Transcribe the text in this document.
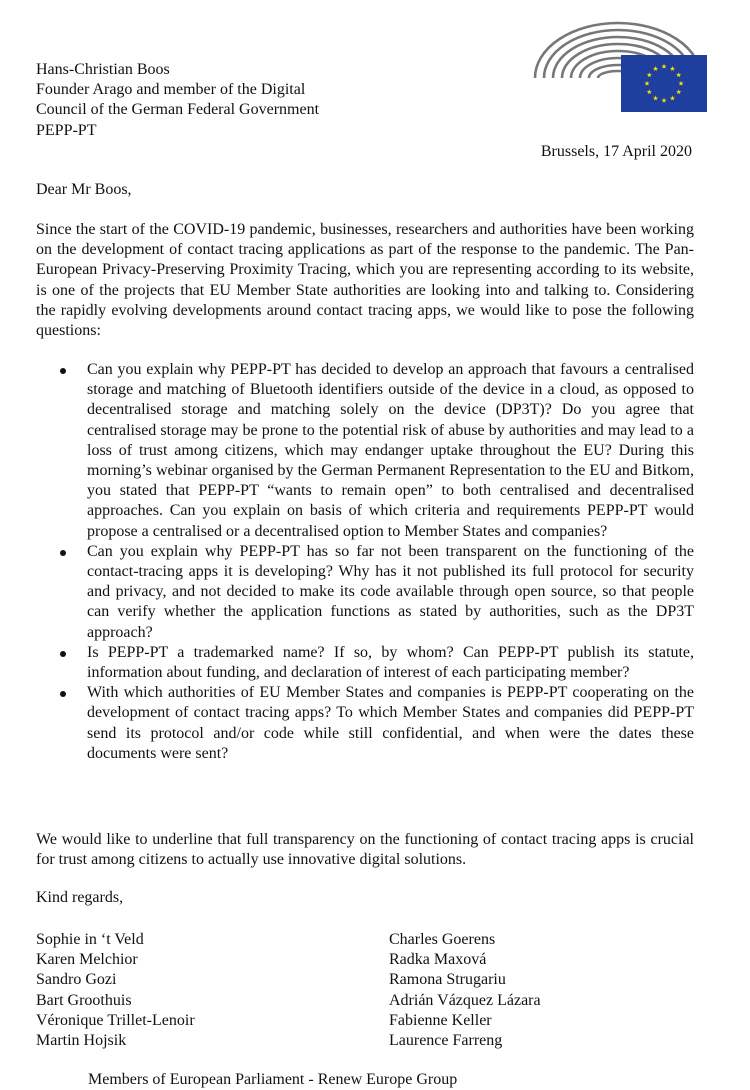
Hans-Christian Boos
Founder Arago and member of the Digital
Council of the German Federal Government
PEPP-PT
Brussels, 17 April 2020
Dear Mr Boos,
Since the start of the COVID-19 pandemic, businesses, researchers and authorities have been working on the development of contact tracing applications as part of the response to the pandemic. The Pan-European Privacy-Preserving Proximity Tracing, which you are representing according to its website, is one of the projects that EU Member State authorities are looking into and talking to. Considering the rapidly evolving developments around contact tracing apps, we would like to pose the following questions:
Can you explain why PEPP-PT has decided to develop an approach that favours a centralised storage and matching of Bluetooth identifiers outside of the device in a cloud, as opposed to decentralised storage and matching solely on the device (DP3T)? Do you agree that centralised storage may be prone to the potential risk of abuse by authorities and may lead to a loss of trust among citizens, which may endanger uptake throughout the EU? During this morning’s webinar organised by the German Permanent Representation to the EU and Bitkom, you stated that PEPP-PT “wants to remain open” to both centralised and decentralised approaches. Can you explain on basis of which criteria and requirements PEPP-PT would propose a centralised or a decentralised option to Member States and companies?
Can you explain why PEPP-PT has so far not been transparent on the functioning of the contact-tracing apps it is developing? Why has it not published its full protocol for security and privacy, and not decided to make its code available through open source, so that people can verify whether the application functions as stated by authorities, such as the DP3T approach?
Is PEPP-PT a trademarked name? If so, by whom? Can PEPP-PT publish its statute, information about funding, and declaration of interest of each participating member?
With which authorities of EU Member States and companies is PEPP-PT cooperating on the development of contact tracing apps? To which Member States and companies did PEPP-PT send its protocol and/or code while still confidential, and when were the dates these documents were sent?
We would like to underline that full transparency on the functioning of contact tracing apps is crucial for trust among citizens to actually use innovative digital solutions.
Kind regards,
Sophie in ‘t Veld
Karen Melchior
Sandro Gozi
Bart Groothuis
Véronique Trillet-Lenoir
Martin Hojsik
Charles Goerens
Radka Maxová
Ramona Strugariu
Adrián Vázquez Lázara
Fabienne Keller
Laurence Farreng
Members of European Parliament - Renew Europe Group
